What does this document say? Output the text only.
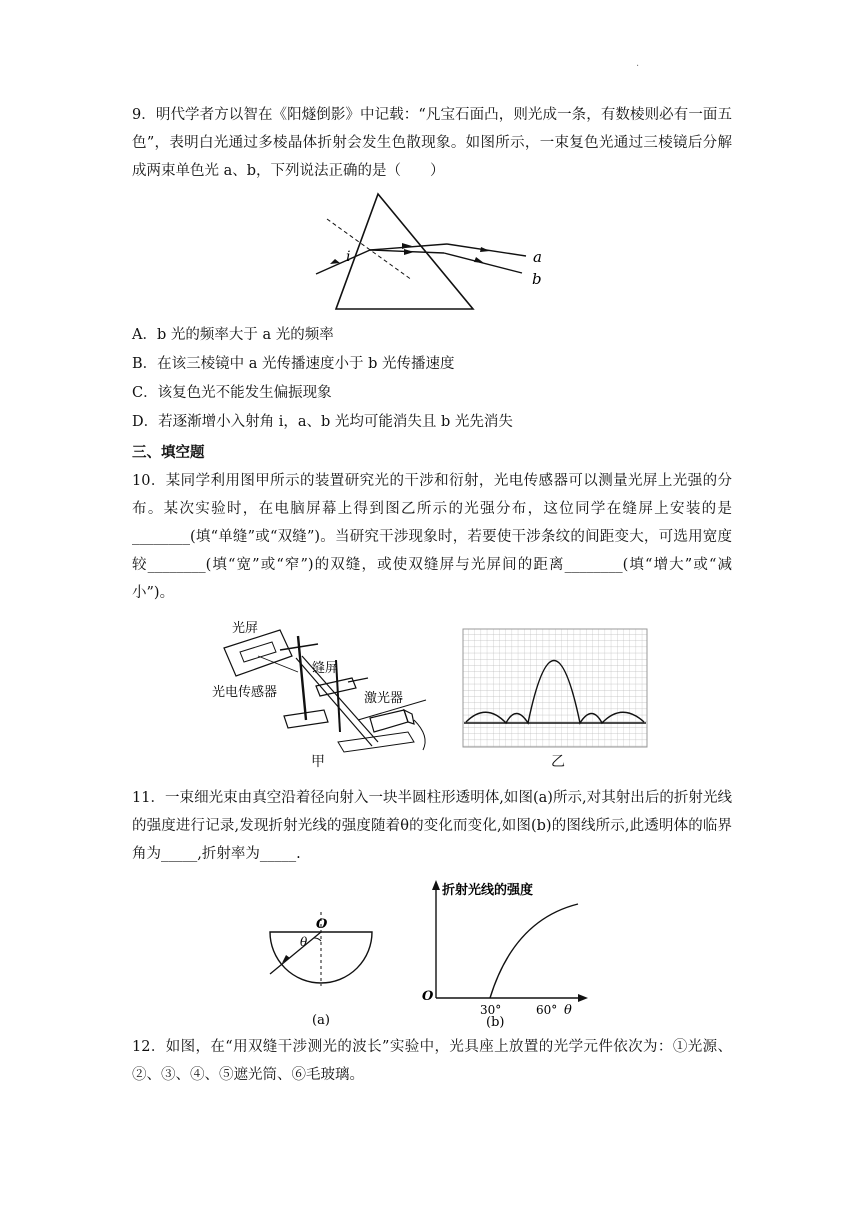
.

9．明代学者方以智在《阳燧倒影》中记载：“凡宝石面凸，则光成一条，有数棱则必有一面五色”，表明白光通过多棱晶体折射会发生色散现象。如图所示，一束复色光通过三棱镜后分解成两束单色光 a、b，下列说法正确的是（　　）

i	a
b
A．b 光的频率大于 a 光的频率
B．在该三棱镜中 a 光传播速度小于 b 光传播速度
C．该复色光不能发生偏振现象
D．若逐渐增小入射角 i，a、b 光均可能消失且 b 光先消失
三、填空题

10．某同学利用图甲所示的装置研究光的干涉和衍射，光电传感器可以测量光屏上光强的分布。某次实验时，在电脑屏幕上得到图乙所示的光强分布，这位同学在缝屏上安装的是________(填“单缝”或“双缝”)。当研究干涉现象时，若要使干涉条纹的间距变大，可选用宽度较________(填“宽”或“窄”)的双缝，或使双缝屏与光屏间的距离________(填“增大”或“减小”)。

光屏
缝屏
光电传感器	激光器
甲	乙

11．一束细光束由真空沿着径向射入一块半圆柱形透明体,如图(a)所示,对其射出后的折射光线的强度进行记录,发现折射光线的强度随着θ的变化而变化,如图(b)的图线所示,此透明体的临界角为_____,折射率为_____.

O
θ
(a)
折射光线的强度
O
30°	60° θ
(b)

12．如图，在“用双缝干涉测光的波长”实验中，光具座上放置的光学元件依次为：①光源、②、③、④、⑤遮光筒、⑥毛玻璃。
